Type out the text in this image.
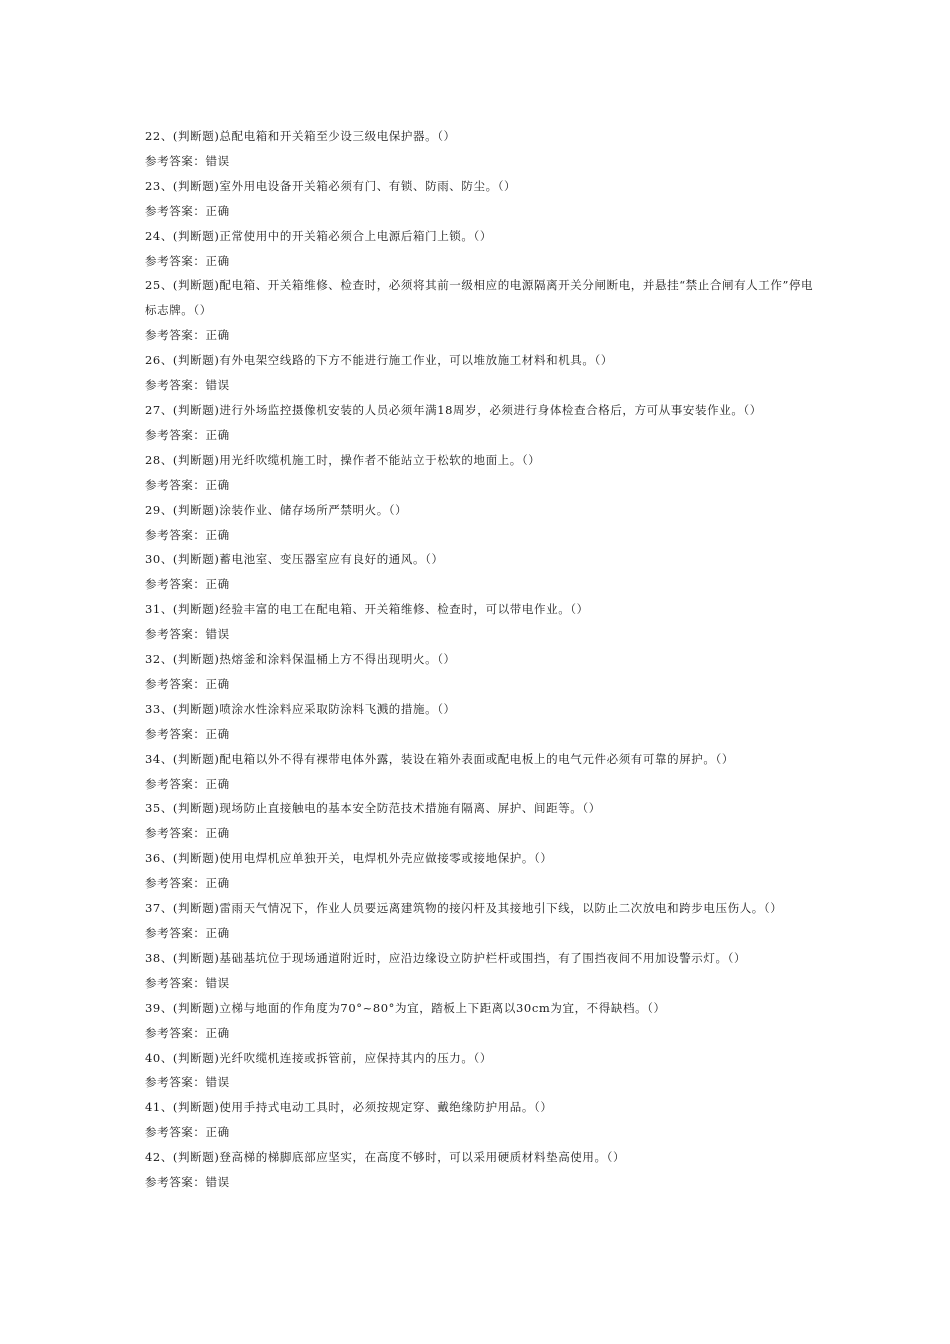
22、(判断题)总配电箱和开关箱至少设三级电保护器。（）
参考答案：错误
23、(判断题)室外用电设备开关箱必须有门、有锁、防雨、防尘。（）
参考答案：正确
24、(判断题)正常使用中的开关箱必须合上电源后箱门上锁。（）
参考答案：正确
25、(判断题)配电箱、开关箱维修、检查时，必须将其前一级相应的电源隔离开关分闸断电，并悬挂“禁止合闸有人工作”停电标志牌。（）
参考答案：正确
26、(判断题)有外电架空线路的下方不能进行施工作业，可以堆放施工材料和机具。（）
参考答案：错误
27、(判断题)进行外场监控摄像机安装的人员必须年满18周岁，必须进行身体检查合格后，方可从事安装作业。（）
参考答案：正确
28、(判断题)用光纤吹缆机施工时，操作者不能站立于松软的地面上。（）
参考答案：正确
29、(判断题)涂装作业、储存场所严禁明火。（）
参考答案：正确
30、(判断题)蓄电池室、变压器室应有良好的通风。（）
参考答案：正确
31、(判断题)经验丰富的电工在配电箱、开关箱维修、检查时，可以带电作业。（）
参考答案：错误
32、(判断题)热熔釜和涂料保温桶上方不得出现明火。（）
参考答案：正确
33、(判断题)喷涂水性涂料应采取防涂料飞溅的措施。（）
参考答案：正确
34、(判断题)配电箱以外不得有裸带电体外露，装设在箱外表面或配电板上的电气元件必须有可靠的屏护。（）
参考答案：正确
35、(判断题)现场防止直接触电的基本安全防范技术措施有隔离、屏护、间距等。（）
参考答案：正确
36、(判断题)使用电焊机应单独开关，电焊机外壳应做接零或接地保护。（）
参考答案：正确
37、(判断题)雷雨天气情况下，作业人员要远离建筑物的接闪杆及其接地引下线，以防止二次放电和跨步电压伤人。（）
参考答案：正确
38、(判断题)基础基坑位于现场通道附近时，应沿边缘设立防护栏杆或围挡，有了围挡夜间不用加设警示灯。（）
参考答案：错误
39、(判断题)立梯与地面的作角度为70°~80°为宜，踏板上下距离以30cm为宜，不得缺档。（）
参考答案：正确
40、(判断题)光纤吹缆机连接或拆管前，应保持其内的压力。（）
参考答案：错误
41、(判断题)使用手持式电动工具时，必须按规定穿、戴绝缘防护用品。（）
参考答案：正确
42、(判断题)登高梯的梯脚底部应坚实，在高度不够时，可以采用硬质材料垫高使用。（）
参考答案：错误
